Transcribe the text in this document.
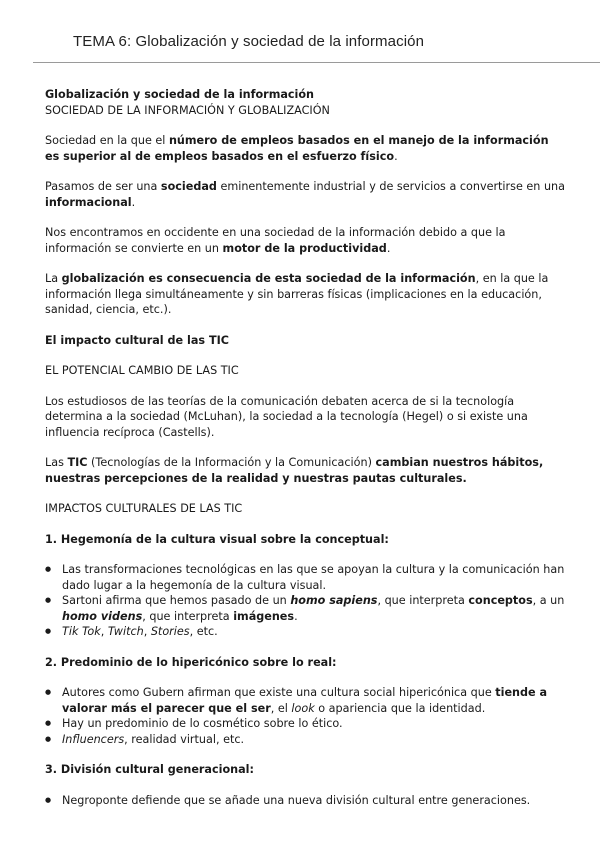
TEMA 6: Globalización y sociedad de la información

Globalización y sociedad de la información

SOCIEDAD DE LA INFORMACIÓN Y GLOBALIZACIÓN

Sociedad en la que el número de empleos basados en el manejo de la información es superior al de empleos basados en el esfuerzo físico.

Pasamos de ser una sociedad eminentemente industrial y de servicios a convertirse en una informacional.

Nos encontramos en occidente en una sociedad de la información debido a que la información se convierte en un motor de la productividad.

La globalización es consecuencia de esta sociedad de la información, en la que la información llega simultáneamente y sin barreras físicas (implicaciones en la educación, sanidad, ciencia, etc.).

El impacto cultural de las TIC

EL POTENCIAL CAMBIO DE LAS TIC

Los estudiosos de las teorías de la comunicación debaten acerca de si la tecnología determina a la sociedad (McLuhan), la sociedad a la tecnología (Hegel) o si existe una influencia recíproca (Castells).

Las TIC (Tecnologías de la Información y la Comunicación) cambian nuestros hábitos, nuestras percepciones de la realidad y nuestras pautas culturales.

IMPACTOS CULTURALES DE LAS TIC

1. Hegemonía de la cultura visual sobre la conceptual:

● Las transformaciones tecnológicas en las que se apoyan la cultura y la comunicación han dado lugar a la hegemonía de la cultura visual.
● Sartoni afirma que hemos pasado de un homo sapiens, que interpreta conceptos, a un homo videns, que interpreta imágenes.
● Tik Tok, Twitch, Stories, etc.

2. Predominio de lo hipericónico sobre lo real:

● Autores como Gubern afirman que existe una cultura social hipericónica que tiende a valorar más el parecer que el ser, el look o apariencia que la identidad.
● Hay un predominio de lo cosmético sobre lo ético.
● Influencers, realidad virtual, etc.

3. División cultural generacional:

● Negroponte defiende que se añade una nueva división cultural entre generaciones.
